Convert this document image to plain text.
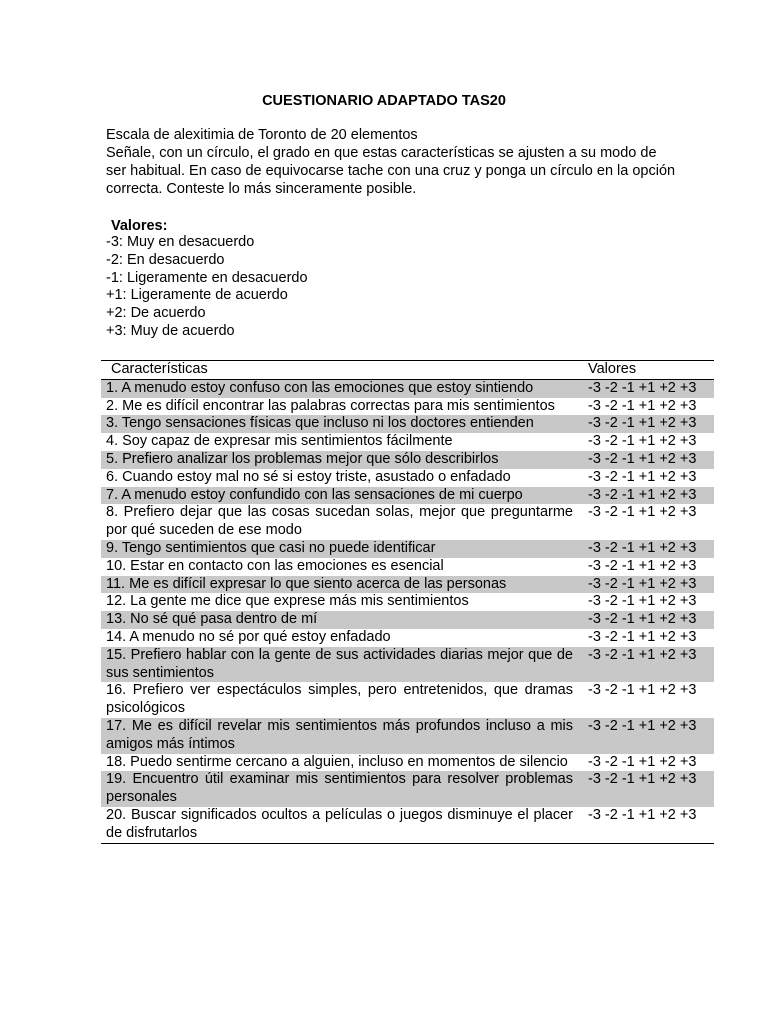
CUESTIONARIO ADAPTADO TAS20

Escala de alexitimia de Toronto de 20 elementos

Señale, con un círculo, el grado en que estas características se ajusten a su modo de ser habitual. En caso de equivocarse tache con una cruz y ponga un círculo en la opción correcta. Conteste lo más sinceramente posible.

Valores:
-3: Muy en desacuerdo
-2: En desacuerdo
-1: Ligeramente en desacuerdo
+1: Ligeramente de acuerdo
+2: De acuerdo
+3: Muy de acuerdo
Características	Valores
1. A menudo estoy confuso con las emociones que estoy sintiendo	-3 -2 -1 +1 +2 +3
2. Me es difícil encontrar las palabras correctas para mis sentimientos	-3 -2 -1 +1 +2 +3
3. Tengo sensaciones físicas que incluso ni los doctores entienden	-3 -2 -1 +1 +2 +3
4. Soy capaz de expresar mis sentimientos fácilmente	-3 -2 -1 +1 +2 +3
5. Prefiero analizar los problemas mejor que sólo describirlos	-3 -2 -1 +1 +2 +3
6. Cuando estoy mal no sé si estoy triste, asustado o enfadado	-3 -2 -1 +1 +2 +3
7. A menudo estoy confundido con las sensaciones de mi cuerpo	-3 -2 -1 +1 +2 +3
8. Prefiero dejar que las cosas sucedan solas, mejor que preguntarme por qué suceden de ese modo	-3 -2 -1 +1 +2 +3
9. Tengo sentimientos que casi no puede identificar	-3 -2 -1 +1 +2 +3
10. Estar en contacto con las emociones es esencial	-3 -2 -1 +1 +2 +3
11. Me es difícil expresar lo que siento acerca de las personas	-3 -2 -1 +1 +2 +3
12. La gente me dice que exprese más mis sentimientos	-3 -2 -1 +1 +2 +3
13. No sé qué pasa dentro de mí	-3 -2 -1 +1 +2 +3
14. A menudo no sé por qué estoy enfadado	-3 -2 -1 +1 +2 +3
15. Prefiero hablar con la gente de sus actividades diarias mejor que de sus sentimientos	-3 -2 -1 +1 +2 +3
16. Prefiero ver espectáculos simples, pero entretenidos, que dramas psicológicos	-3 -2 -1 +1 +2 +3
17. Me es difícil revelar mis sentimientos más profundos incluso a mis amigos más íntimos	-3 -2 -1 +1 +2 +3
18. Puedo sentirme cercano a alguien, incluso en momentos de silencio	-3 -2 -1 +1 +2 +3
19. Encuentro útil examinar mis sentimientos para resolver problemas personales	-3 -2 -1 +1 +2 +3
20. Buscar significados ocultos a películas o juegos disminuye el placer de disfrutarlos	-3 -2 -1 +1 +2 +3
